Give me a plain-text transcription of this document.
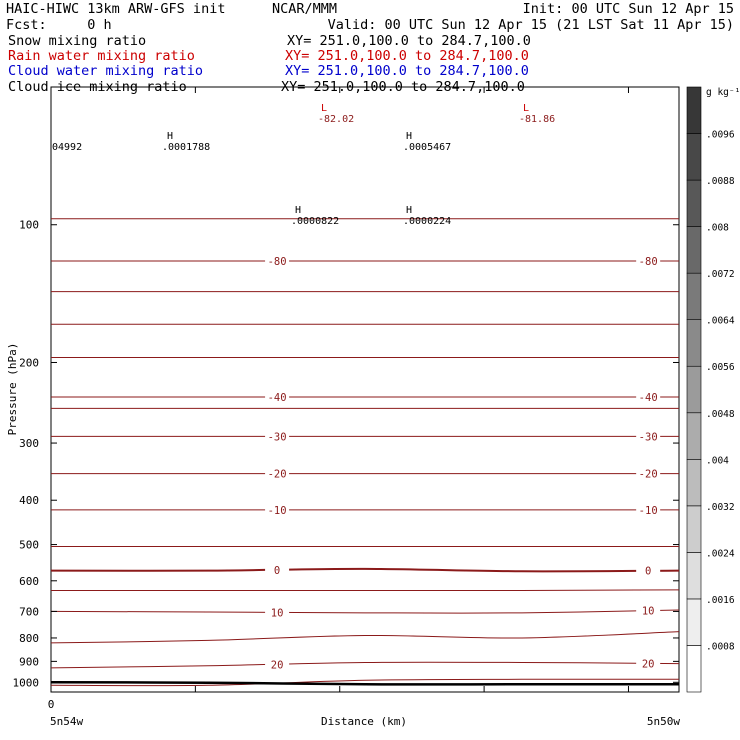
HAIC-HIWC 13km ARW-GFS init	NCAR/MMM	Init: 00 UTC Sun 12 Apr 15
Fcst:     0 h	Valid: 00 UTC Sun 12 Apr 15 (21 LST Sat 11 Apr 15)
Snow mixing ratio	XY= 251.0,100.0 to 284.7,100.0
Rain water mixing ratio	XY= 251.0,100.0 to 284.7,100.0
Cloud water mixing ratio	XY= 251.0,100.0 to 284.7,100.0
Cloud ice mixing ratio	XY= 251.0,100.0 to 284.7,100.0
-80	-80
-40	-40
-30	-30
-20	-20
-10	-10
0	0
10	10
20	20
100
200
300
400
500
600
700
800
900
1000
0
L
-82.02
L
-81.86
H
.0001788
H
.0005467
H
.0000822
H
.0000224
04992
Pressure (hPa)
Distance (km)
5n54w	5n50w
.0008
.0016
.0024
.0032
.004
.0048
.0056
.0064
.0072
.008
.0088
.0096
g kg⁻¹
